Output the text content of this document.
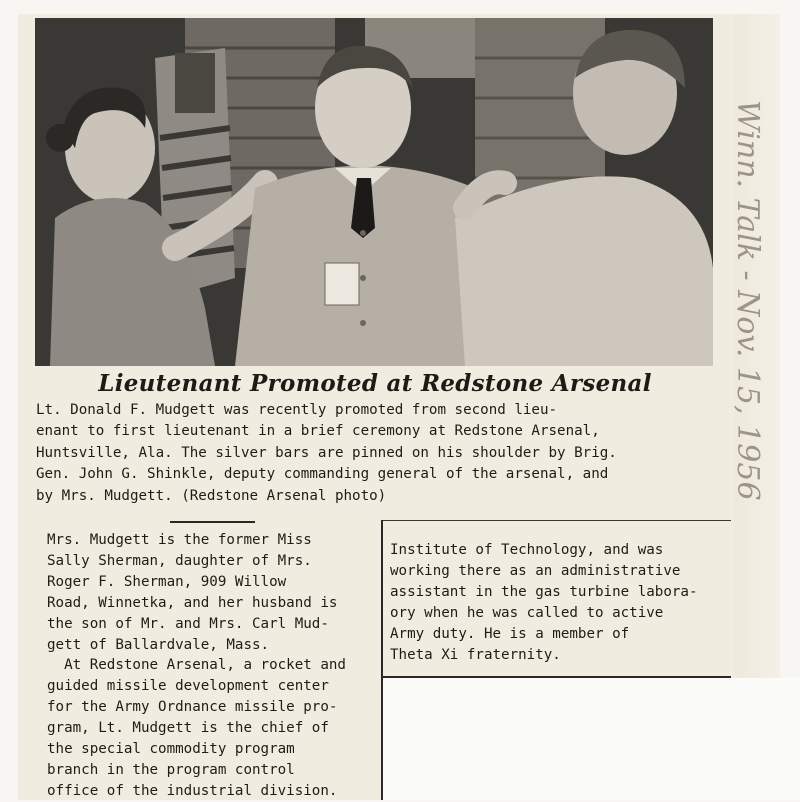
Lieutenant Promoted at Redstone Arsenal
Lt. Donald F. Mudgett was recently promoted from second lieu-
enant to first lieutenant in a brief ceremony at Redstone Arsenal,
Huntsville, Ala. The silver bars are pinned on his shoulder by Brig.
Gen. John G. Shinkle, deputy commanding general of the arsenal, and
by Mrs. Mudgett. (Redstone Arsenal photo)
Mrs. Mudgett is the former Miss
Sally Sherman, daughter of Mrs.
Roger F. Sherman, 909 Willow
Road, Winnetka, and her husband is
the son of Mr. and Mrs. Carl Mud-
gett of Ballardvale, Mass.
At Redstone Arsenal, a rocket and
guided missile development center
for the Army Ordnance missile pro-
gram, Lt. Mudgett is the chief of
the special commodity program
branch in the program control
office of the industrial division.
Institute of Technology, and was
working there as an administrative
assistant in the gas turbine labora-
ory when he was called to active
Army duty. He is a member of
Theta Xi fraternity.
Winn. Talk - Nov. 15, 1956
